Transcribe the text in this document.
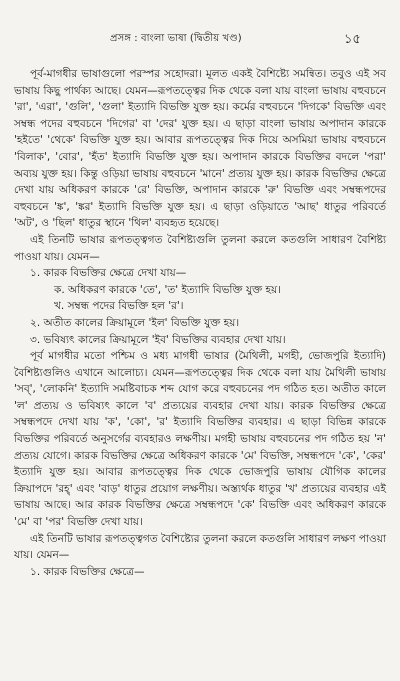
প্রসঙ্গ : বাংলা ভাষা (দ্বিতীয় খণ্ড)	১৫

পূর্ব-মাগধীর ভাষাগুলো পরস্পর সহোদরা। মূলত একই বৈশিষ্ট্যে সমন্বিত। তবুও এই সব ভাষায় কিছু পার্থক্য আছে। যেমন—রূপতত্ত্বের দিক থেকে বলা যায় বাংলা ভাষায় বহুবচনে 'রা', 'এরা', 'গুলি', 'গুলা' ইত্যাদি বিভক্তি যুক্ত হয়। কর্মের বহুবচনে 'দিগকে' বিভক্তি এবং সম্বন্ধ পদের বহুবচনে 'দিগের' বা 'দের' যুক্ত হয়। এ ছাড়া বাংলা ভাষায় অপাদান কারকে 'হইতে' 'থেকে' বিভক্তি যুক্ত হয়। আবার রূপতত্ত্বের দিক দিয়ে অসমিয়া ভাষায় বহুবচনে 'বিলাক', 'বোর', 'হঁত' ইত্যাদি বিভক্তি যুক্ত হয়। অপাদান কারকে বিভক্তির বদলে 'পরা' অব্যয় যুক্ত হয়। কিন্তু ওড়িয়া ভাষায় বহুবচনে 'মানে' প্রত্যয় যুক্ত হয়। কারক বিভক্তির ক্ষেত্রে দেখা যায় অধিকরণ কারকে 'রে' বিভক্তি, অপাদান কারকে 'রু' বিভক্তি এবং সম্বন্ধপদের বহুবচনে 'ঙ্ক', 'ঙ্কর' ইত্যাদি বিভক্তি যুক্ত হয়। এ ছাড়া ওড়িয়াতে 'আছ' ধাতুর পরিবর্তে 'অট', ও 'ছিল' ধাতুর স্থানে 'থিল' ব্যবহৃত হয়েছে।

এই তিনটি ভাষার রূপতত্ত্বগত বৈশিষ্ট্যগুলি তুলনা করলে কতগুলি সাধারণ বৈশিষ্ট্য পাওয়া যায়। যেমন—

১. কারক বিভক্তির ক্ষেত্রে দেখা যায়—

ক. অধিকরণ কারকে 'তে', 'ত' ইত্যাদি বিভক্তি যুক্ত হয়।

খ. সম্বন্ধ পদের বিভক্তি হল 'র'।

২. অতীত কালের ক্রিয়ামূলে 'ইল' বিভক্তি যুক্ত হয়।

৩. ভবিষ্যৎ কালের ক্রিয়ামূলে 'ইব' বিভক্তির ব্যবহার দেখা যায়।

পূর্ব মাগধীর মতো পশ্চিম ও মধ্য মাগধী ভাষার (মৈথিলী, মগহী, ভোজপুরি ইত্যাদি) বৈশিষ্ট্যগুলিও এখানে আলোচ্য। যেমন—রূপতত্ত্বের দিক থেকে বলা যায় মৈথিলী ভাষায় 'সব্', 'লোকনি' ইত্যাদি সমষ্টিবাচক শব্দ যোগ করে বহুবচনের পদ গঠিত হত। অতীত কালে 'ল' প্রত্যয় ও ভবিষ্যৎ কালে 'ব' প্রত্যয়ের ব্যবহার দেখা যায়। কারক বিভক্তির ক্ষেত্রে সম্বন্ধপদে দেখা যায় 'ক', 'কো', 'র' ইত্যাদি বিভক্তির ব্যবহার। এ ছাড়া বিভিন্ন কারকে বিভক্তির পরিবর্তে অনুসর্গের ব্যবহারও লক্ষণীয়। মগহী ভাষায় বহুবচনের পদ গঠিত হয় 'ন' প্রত্যয় যোগে। কারক বিভক্তির ক্ষেত্রে অধিকরণ কারকে 'মে' বিভক্তি, সম্বন্ধপদে 'কে', 'কের' ইত্যাদি যুক্ত হয়। আবার রূপতত্ত্বের দিক থেকে ভোজপুরি ভাষায় যৌগিক কালের ক্রিয়াপদে 'রহ্' এবং 'বাড়' ধাতুর প্রয়োগ লক্ষণীয়। অস্ত্যর্থক ধাতুর 'খ' প্রত্যয়ের ব্যবহার এই ভাষায় আছে। আর কারক বিভক্তির ক্ষেত্রে সম্বন্ধপদে 'কে' বিভক্তি এবং অধিকরণ কারকে 'মে' বা 'পর' বিভক্তি দেখা যায়।

এই তিনটি ভাষার রূপতত্ত্বগত বৈশিষ্ট্যের তুলনা করলে কতগুলি সাধারণ লক্ষণ পাওয়া যায়। যেমন—

১. কারক বিভক্তির ক্ষেত্রে—
